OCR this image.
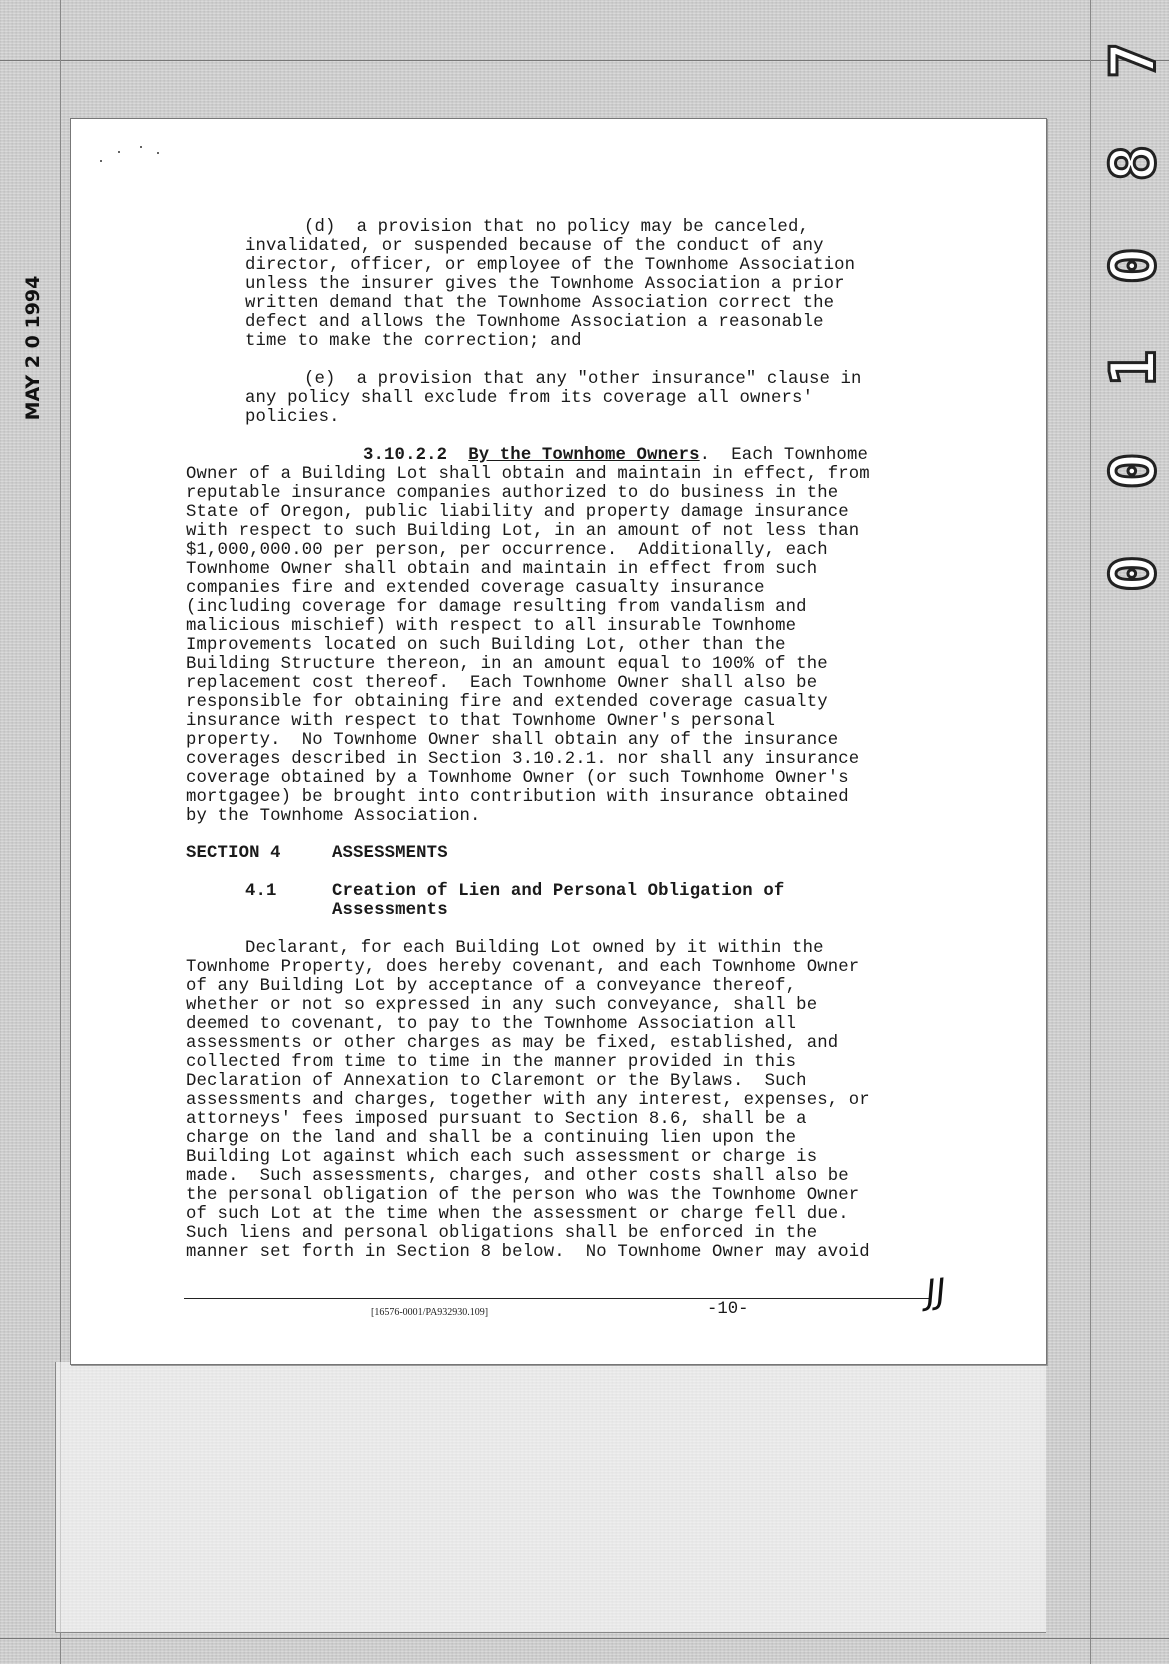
MAY 2 0 1994	0 0 1 0 8 7
(d)  a provision that no policy may be canceled,
invalidated, or suspended because of the conduct of any
director, officer, or employee of the Townhome Association
unless the insurer gives the Townhome Association a prior
written demand that the Townhome Association correct the
defect and allows the Townhome Association a reasonable
time to make the correction; and
(e)  a provision that any "other insurance" clause in
any policy shall exclude from its coverage all owners'
policies.
3.10.2.2 By the Townhome Owners.  Each Townhome
Owner of a Building Lot shall obtain and maintain in effect, from
reputable insurance companies authorized to do business in the
State of Oregon, public liability and property damage insurance
with respect to such Building Lot, in an amount of not less than
$1,000,000.00 per person, per occurrence.  Additionally, each
Townhome Owner shall obtain and maintain in effect from such
companies fire and extended coverage casualty insurance
(including coverage for damage resulting from vandalism and
malicious mischief) with respect to all insurable Townhome
Improvements located on such Building Lot, other than the
Building Structure thereon, in an amount equal to 100% of the
replacement cost thereof.  Each Townhome Owner shall also be
responsible for obtaining fire and extended coverage casualty
insurance with respect to that Townhome Owner's personal
property.  No Townhome Owner shall obtain any of the insurance
coverages described in Section 3.10.2.1. nor shall any insurance
coverage obtained by a Townhome Owner (or such Townhome Owner's
mortgagee) be brought into contribution with insurance obtained
by the Townhome Association.
SECTION 4	ASSESSMENTS
4.1	Creation of Lien and Personal Obligation of
Assessments
Declarant, for each Building Lot owned by it within the
Townhome Property, does hereby covenant, and each Townhome Owner
of any Building Lot by acceptance of a conveyance thereof,
whether or not so expressed in any such conveyance, shall be
deemed to covenant, to pay to the Townhome Association all
assessments or other charges as may be fixed, established, and
collected from time to time in the manner provided in this
Declaration of Annexation to Claremont or the Bylaws.  Such
assessments and charges, together with any interest, expenses, or
attorneys' fees imposed pursuant to Section 8.6, shall be a
charge on the land and shall be a continuing lien upon the
Building Lot against which each such assessment or charge is
made.  Such assessments, charges, and other costs shall also be
the personal obligation of the person who was the Townhome Owner
of such Lot at the time when the assessment or charge fell due.
Such liens and personal obligations shall be enforced in the
manner set forth in Section 8 below.  No Townhome Owner may avoid
[16576-0001/PA932930.109]	-10-	JJ
